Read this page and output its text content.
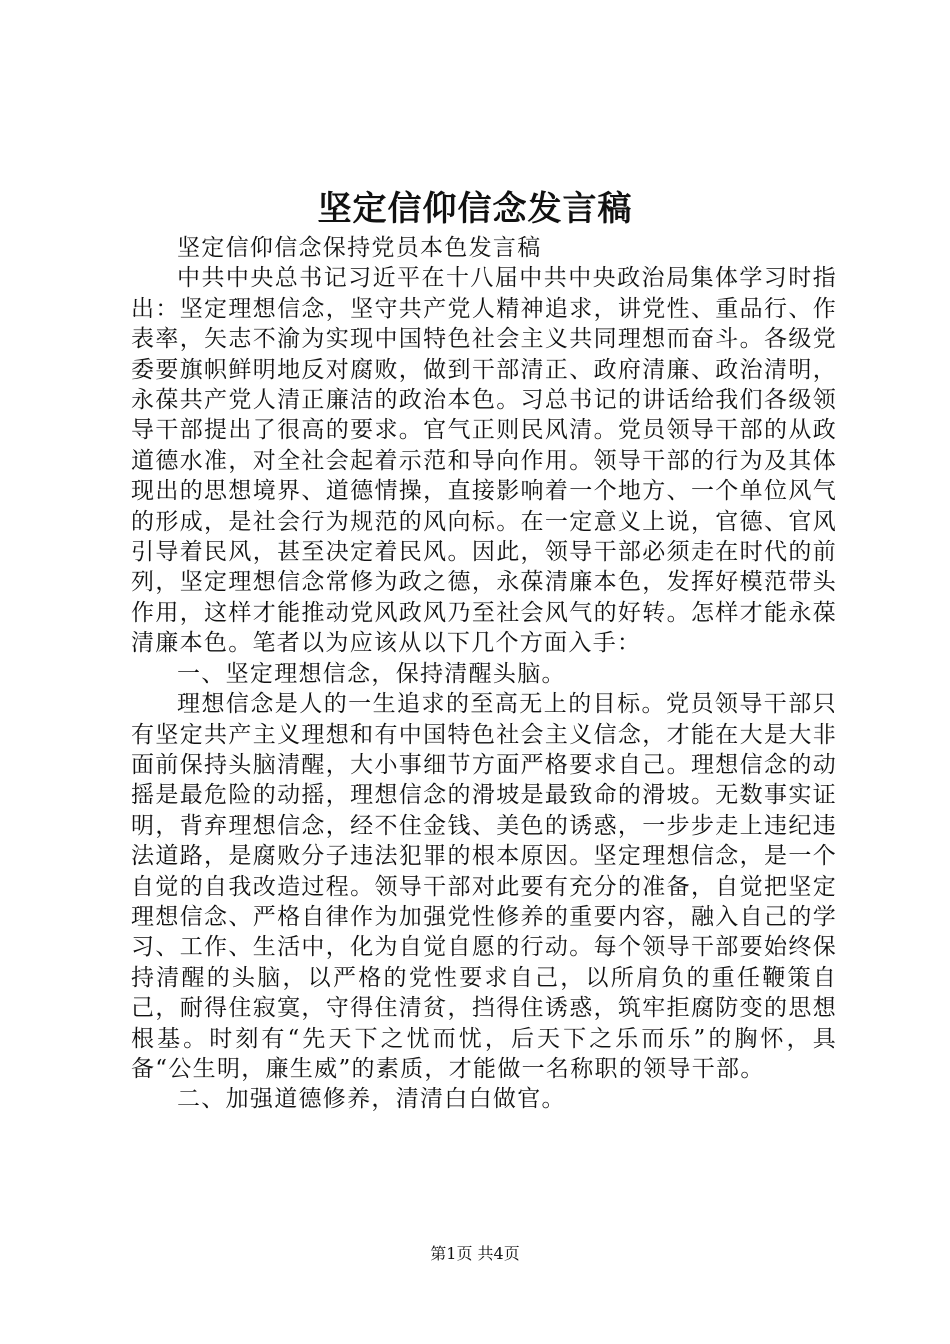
坚定信仰信念发言稿

坚定信仰信念保持党员本色发言稿

中共中央总书记习近平在十八届中共中央政治局集体学习时指出：坚定理想信念，坚守共产党人精神追求，讲党性、重品行、作表率，矢志不渝为实现中国特色社会主义共同理想而奋斗。各级党委要旗帜鲜明地反对腐败，做到干部清正、政府清廉、政治清明，永葆共产党人清正廉洁的政治本色。习总书记的讲话给我们各级领导干部提出了很高的要求。官气正则民风清。党员领导干部的从政道德水准，对全社会起着示范和导向作用。领导干部的行为及其体现出的思想境界、道德情操，直接影响着一个地方、一个单位风气的形成，是社会行为规范的风向标。在一定意义上说，官德、官风引导着民风，甚至决定着民风。因此，领导干部必须走在时代的前列，坚定理想信念常修为政之德，永葆清廉本色，发挥好模范带头作用，这样才能推动党风政风乃至社会风气的好转。怎样才能永葆清廉本色。笔者以为应该从以下几个方面入手：

一、坚定理想信念，保持清醒头脑。

理想信念是人的一生追求的至高无上的目标。党员领导干部只有坚定共产主义理想和有中国特色社会主义信念，才能在大是大非面前保持头脑清醒，大小事细节方面严格要求自己。理想信念的动摇是最危险的动摇，理想信念的滑坡是最致命的滑坡。无数事实证明，背弃理想信念，经不住金钱、美色的诱惑，一步步走上违纪违法道路，是腐败分子违法犯罪的根本原因。坚定理想信念，是一个自觉的自我改造过程。领导干部对此要有充分的准备，自觉把坚定理想信念、严格自律作为加强党性修养的重要内容，融入自己的学习、工作、生活中，化为自觉自愿的行动。每个领导干部要始终保持清醒的头脑，以严格的党性要求自己，以所肩负的重任鞭策自己，耐得住寂寞，守得住清贫，挡得住诱惑，筑牢拒腐防变的思想根基。时刻有“先天下之忧而忧，后天下之乐而乐”的胸怀，具备“公生明，廉生威”的素质，才能做一名称职的领导干部。

二、加强道德修养，清清白白做官。

第1页 共4页
